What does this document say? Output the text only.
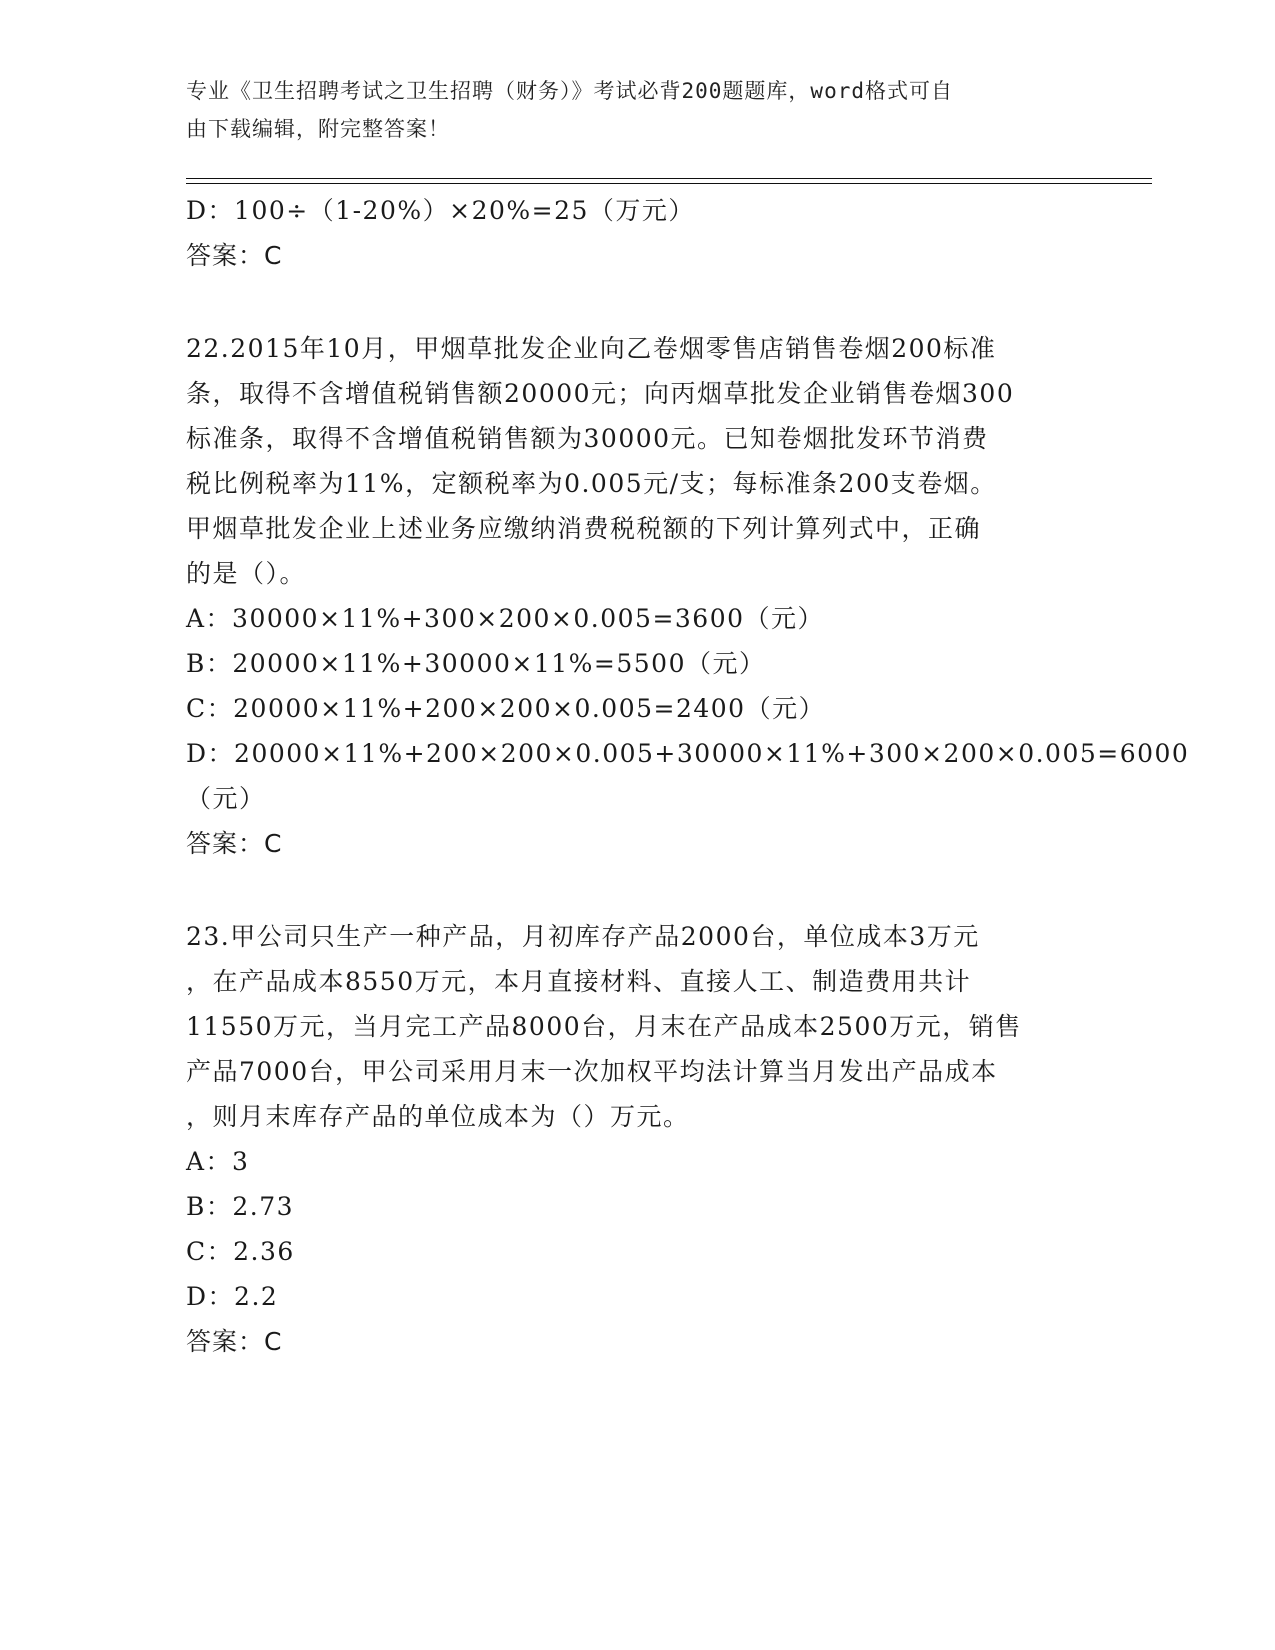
专业《卫生招聘考试之卫生招聘（财务）》考试必背200题题库，word格式可自
由下载编辑，附完整答案！
D：100÷（1-20%）×20%=25（万元）
答案：C
22.2015年10月，甲烟草批发企业向乙卷烟零售店销售卷烟200标准
条，取得不含增值税销售额20000元；向丙烟草批发企业销售卷烟300
标准条，取得不含增值税销售额为30000元。已知卷烟批发环节消费
税比例税率为11%，定额税率为0.005元/支；每标准条200支卷烟。
甲烟草批发企业上述业务应缴纳消费税税额的下列计算列式中，正确
的是（）。
A：30000×11%+300×200×0.005=3600（元）
B：20000×11%+30000×11%=5500（元）
C：20000×11%+200×200×0.005=2400（元）
D：20000×11%+200×200×0.005+30000×11%+300×200×0.005=6000
（元）
答案：C
23.甲公司只生产一种产品，月初库存产品2000台，单位成本3万元
，在产品成本8550万元，本月直接材料、直接人工、制造费用共计
11550万元，当月完工产品8000台，月末在产品成本2500万元，销售
产品7000台，甲公司采用月末一次加权平均法计算当月发出产品成本
，则月末库存产品的单位成本为（）万元。
A：3
B：2.73
C：2.36
D：2.2
答案：C
